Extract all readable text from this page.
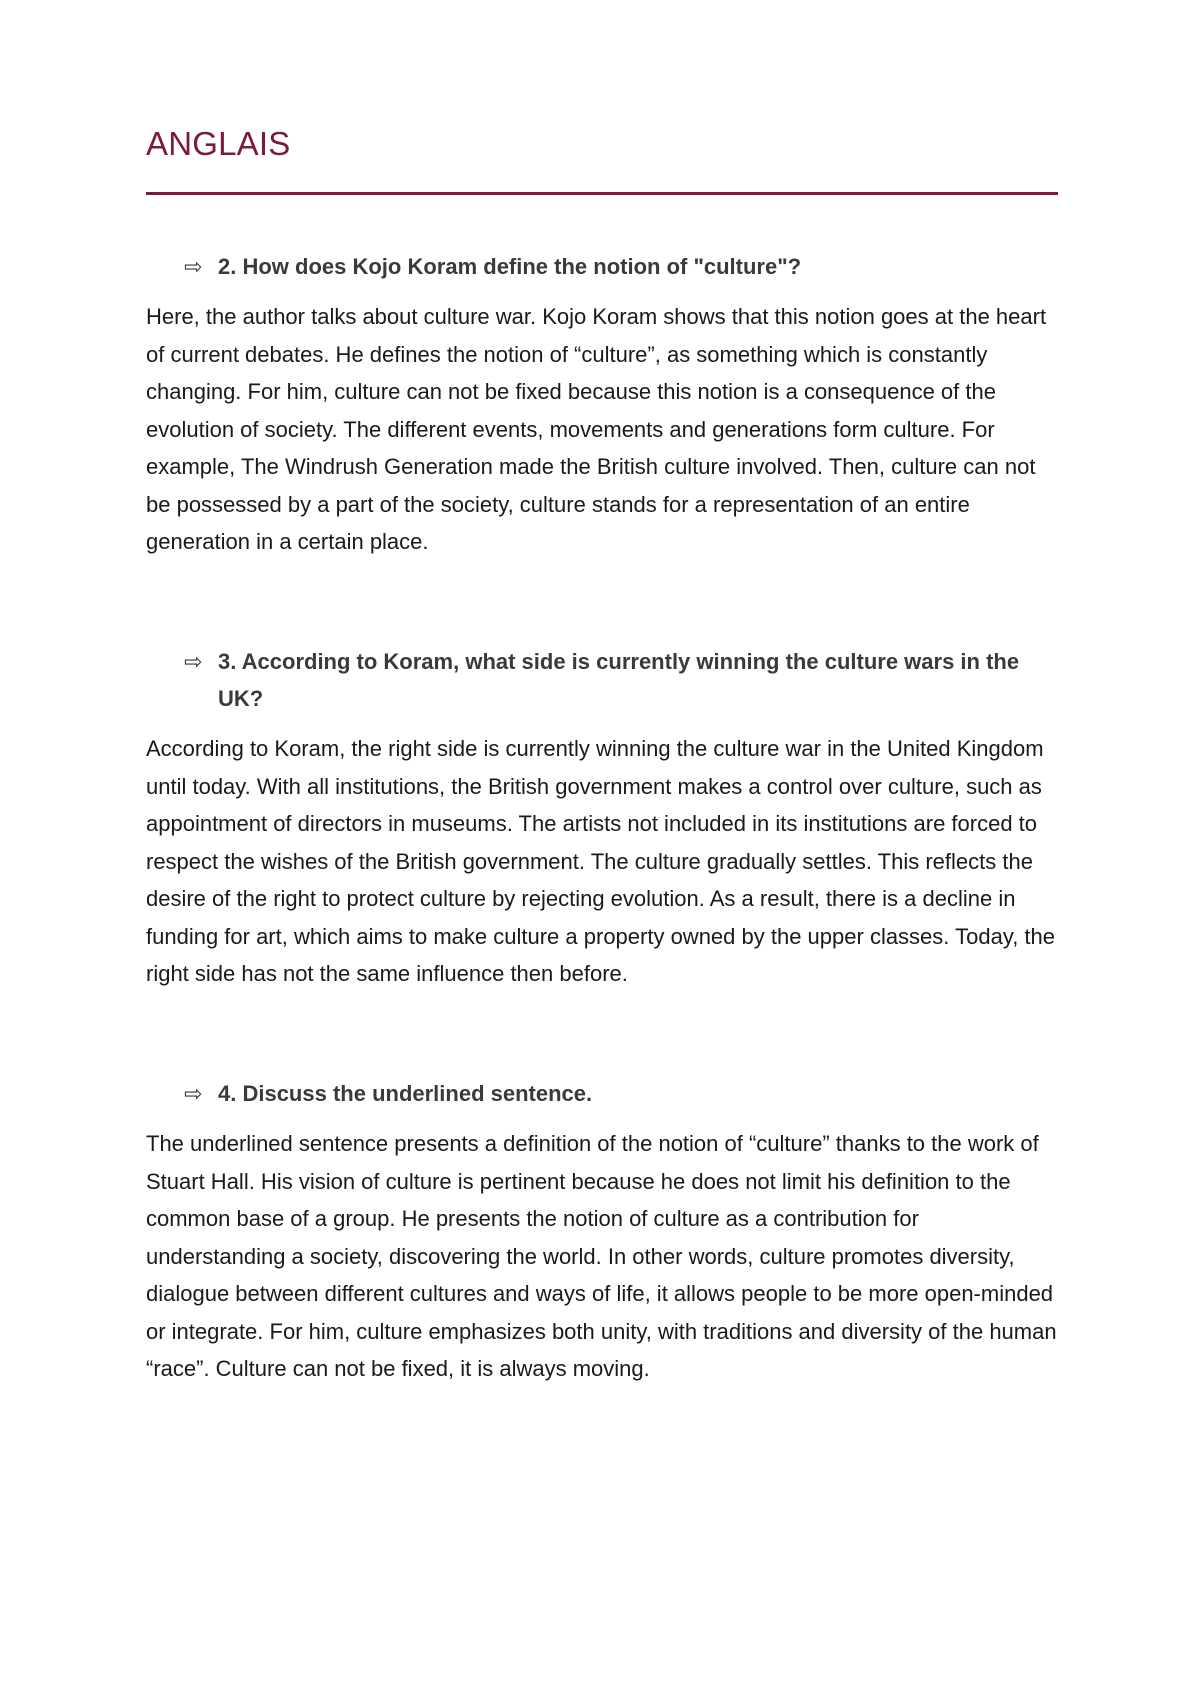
ANGLAIS
⇨ 2. How does Kojo Koram define the notion of "culture"?

Here, the author talks about culture war. Kojo Koram shows that this notion goes at the heart of current debates. He defines the notion of “culture”, as something which is constantly changing. For him, culture can not be fixed because this notion is a consequence of the evolution of society. The different events, movements and generations form culture. For example, The Windrush Generation made the British culture involved. Then, culture can not be possessed by a part of the society, culture stands for a representation of an entire generation in a certain place.

⇨ 3. According to Koram, what side is currently winning the culture wars in the UK?

According to Koram, the right side is currently winning the culture war in the United Kingdom until today. With all institutions, the British government makes a control over culture, such as appointment of directors in museums. The artists not included in its institutions are forced to respect the wishes of the British government. The culture gradually settles. This reflects the desire of the right to protect culture by rejecting evolution. As a result, there is a decline in funding for art, which aims to make culture a property owned by the upper classes. Today, the right side has not the same influence then before.

⇨ 4. Discuss the underlined sentence.

The underlined sentence presents a definition of the notion of “culture” thanks to the work of Stuart Hall. His vision of culture is pertinent because he does not limit his definition to the common base of a group. He presents the notion of culture as a contribution for understanding a society, discovering the world. In other words, culture promotes diversity, dialogue between different cultures and ways of life, it allows people to be more open-minded or integrate. For him, culture emphasizes both unity, with traditions and diversity of the human “race”. Culture can not be fixed, it is always moving.
